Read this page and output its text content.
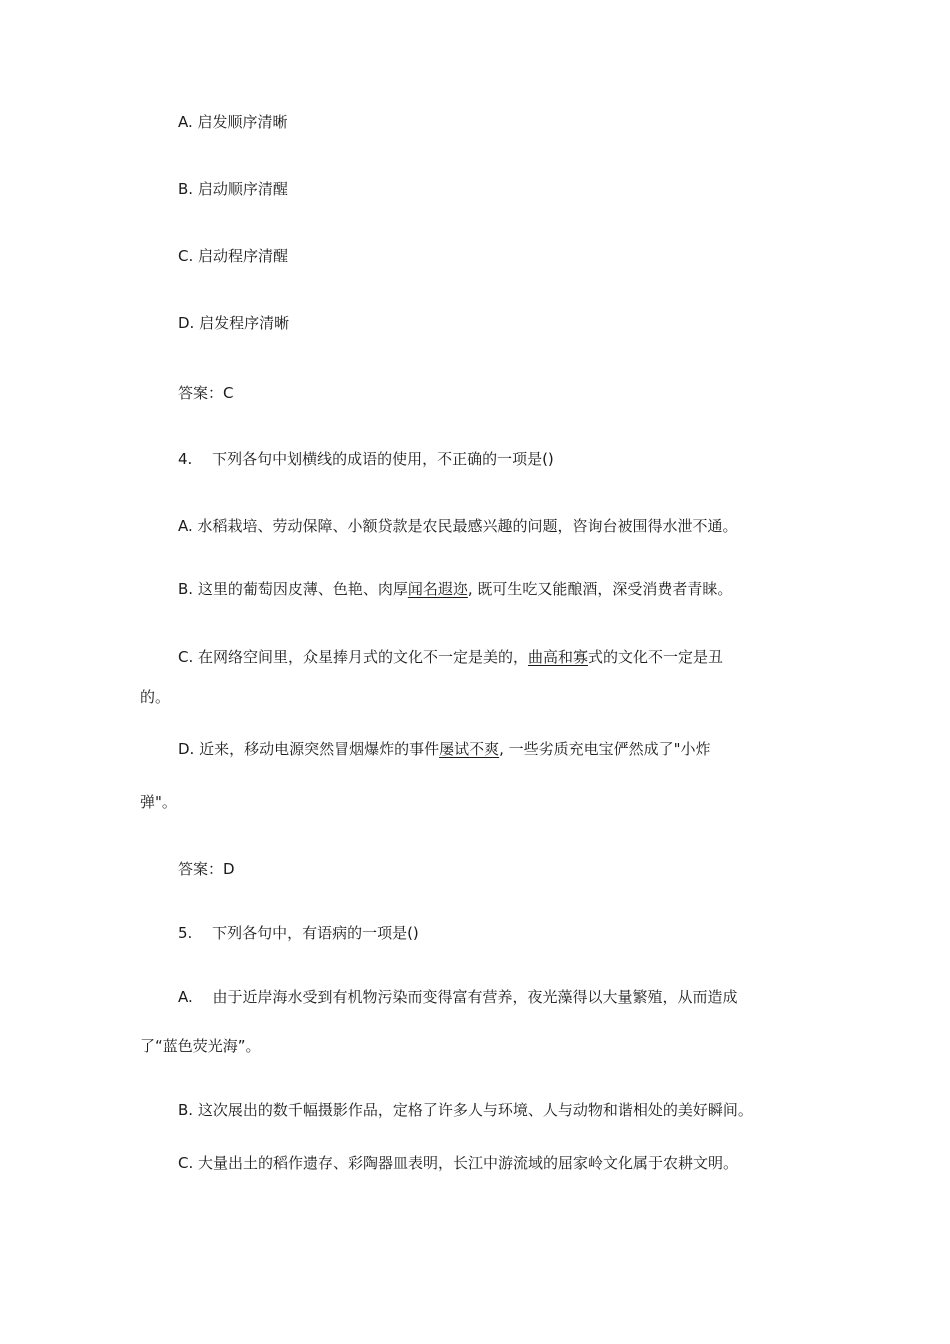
A. 启发顺序清晰
B. 启动顺序清醒
C. 启动程序清醒
D. 启发程序清晰
答案：C
4.　 下列各句中划横线的成语的使用，不正确的一项是()
A. 水稻栽培、劳动保障、小额贷款是农民最感兴趣的问题，咨询台被围得水泄不通。
B. 这里的葡萄因皮薄、色艳、肉厚闻名遐迩, 既可生吃又能酿酒，深受消费者青睐。
C. 在网络空间里，众星捧月式的文化不一定是美的，曲高和寡式的文化不一定是丑
的。
D. 近来，移动电源突然冒烟爆炸的事件屡试不爽, 一些劣质充电宝俨然成了"小炸
弹"。
答案：D
5.　 下列各句中，有语病的一项是()
A.　 由于近岸海水受到有机物污染而变得富有营养，夜光藻得以大量繁殖，从而造成
了“蓝色荧光海”。
B. 这次展出的数千幅摄影作品，定格了许多人与环境、人与动物和谐相处的美好瞬间。
C. 大量出土的稻作遗存、彩陶器皿表明，长江中游流域的屈家岭文化属于农耕文明。
